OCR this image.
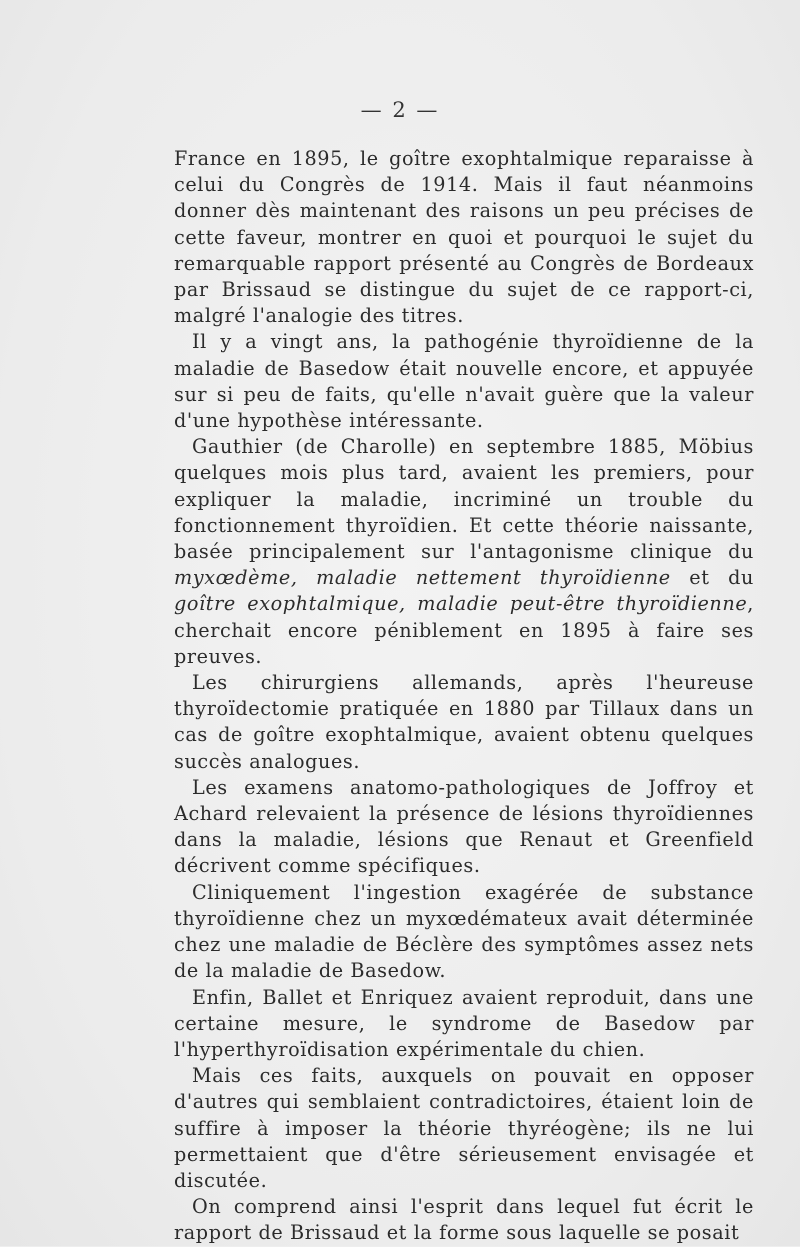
— 2 —

France en 1895, le goître exophtalmique reparaisse à celui du Congrès de 1914. Mais il faut néanmoins donner dès maintenant des raisons un peu précises de cette faveur, montrer en quoi et pourquoi le sujet du remarquable rapport présenté au Congrès de Bordeaux par Brissaud se distingue du sujet de ce rapport-ci, malgré l'analogie des titres.

Il y a vingt ans, la pathogénie thyroïdienne de la maladie de Basedow était nouvelle encore, et appuyée sur si peu de faits, qu'elle n'avait guère que la valeur d'une hypothèse intéressante.

Gauthier (de Charolle) en septembre 1885, Möbius quelques mois plus tard, avaient les premiers, pour expliquer la maladie, incriminé un trouble du fonctionnement thyroïdien. Et cette théorie naissante, basée principalement sur l'antagonisme clinique du myxœdème, maladie nettement thyroïdienne et du goître exophtalmique, maladie peut-être thyroïdienne, cherchait encore péniblement en 1895 à faire ses preuves.

Les chirurgiens allemands, après l'heureuse thyroïdectomie pratiquée en 1880 par Tillaux dans un cas de goître exophtalmique, avaient obtenu quelques succès analogues.

Les examens anatomo-pathologiques de Joffroy et Achard relevaient la présence de lésions thyroïdiennes dans la maladie, lésions que Renaut et Greenfield décrivent comme spécifiques.

Cliniquement l'ingestion exagérée de substance thyroïdienne chez un myxœdémateux avait déterminée chez une maladie de Béclère des symptômes assez nets de la maladie de Basedow.

Enfin, Ballet et Enriquez avaient reproduit, dans une certaine mesure, le syndrome de Basedow par l'hyperthyroïdisation expérimentale du chien.

Mais ces faits, auxquels on pouvait en opposer d'autres qui semblaient contradictoires, étaient loin de suffire à imposer la théorie thyréogène; ils ne lui permettaient que d'être sérieusement envisagée et discutée.

On comprend ainsi l'esprit dans lequel fut écrit le rapport de Brissaud et la forme sous laquelle se posait
